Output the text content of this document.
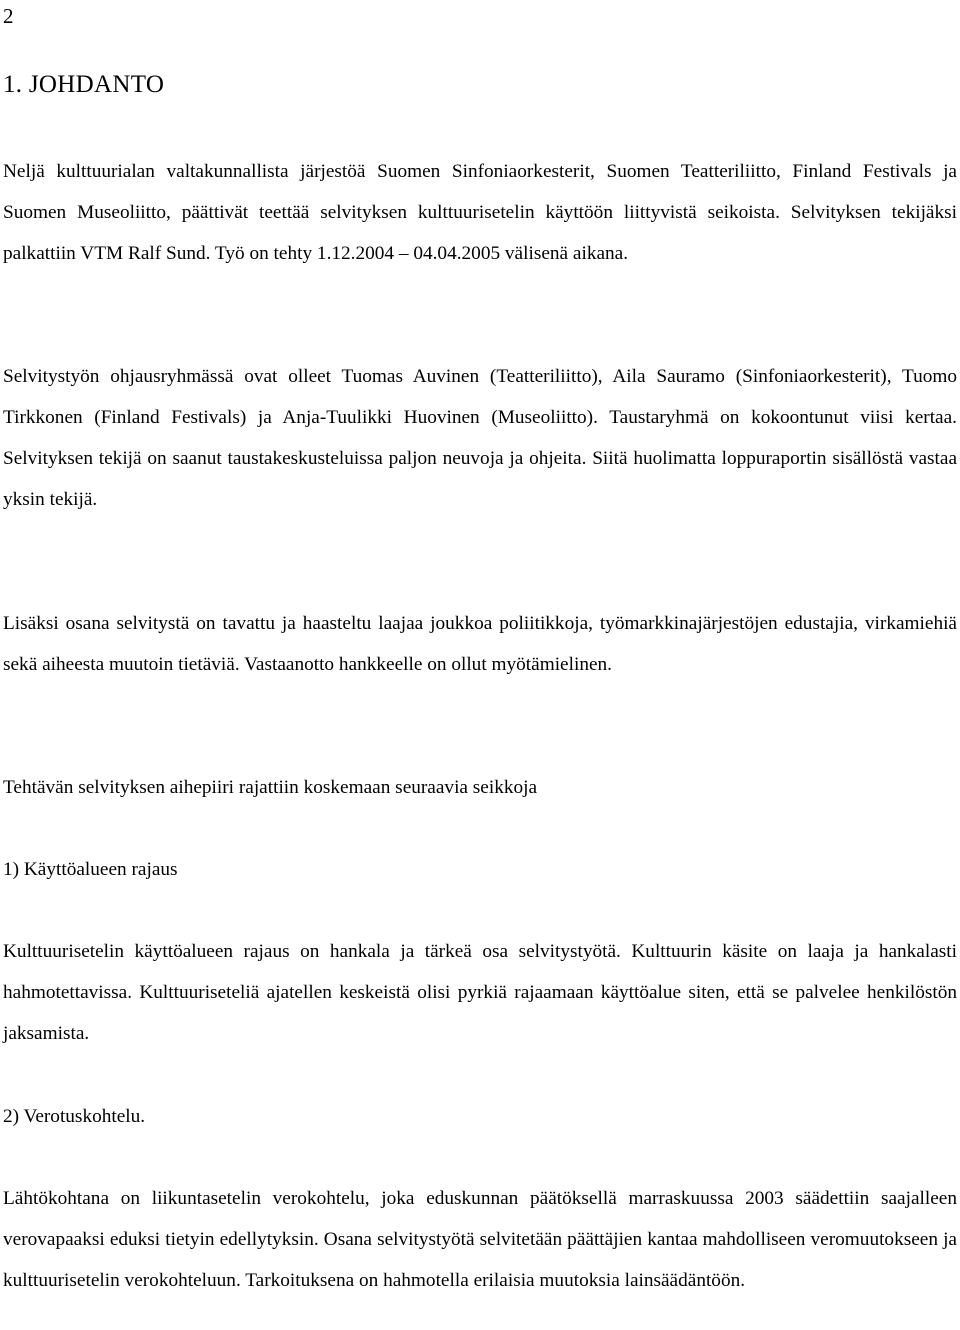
2
1. JOHDANTO

Neljä kulttuurialan valtakunnallista järjestöä Suomen Sinfoniaorkesterit, Suomen Teatteriliitto, Finland Festivals ja Suomen Museoliitto, päättivät teettää selvityksen kulttuurisetelin käyttöön liittyvistä seikoista. Selvityksen tekijäksi palkattiin VTM Ralf Sund. Työ on tehty 1.12.2004 – 04.04.2005 välisenä aikana.

Selvitystyön ohjausryhmässä ovat olleet Tuomas Auvinen (Teatteriliitto), Aila Sauramo (Sinfoniaorkesterit), Tuomo Tirkkonen (Finland Festivals) ja Anja-Tuulikki Huovinen (Museoliitto). Taustaryhmä on kokoontunut viisi kertaa. Selvityksen tekijä on saanut taustakeskusteluissa paljon neuvoja ja ohjeita. Siitä huolimatta loppuraportin sisällöstä vastaa yksin tekijä.

Lisäksi osana selvitystä on tavattu ja haasteltu laajaa joukkoa poliitikkoja, työmarkkinajärjestöjen edustajia, virkamiehiä sekä aiheesta muutoin tietäviä. Vastaanotto hankkeelle on ollut myötämielinen.

Tehtävän selvityksen aihepiiri rajattiin koskemaan seuraavia seikkoja

1) Käyttöalueen rajaus

Kulttuurisetelin käyttöalueen rajaus on hankala ja tärkeä osa selvitystyötä. Kulttuurin käsite on laaja ja hankalasti hahmotettavissa. Kulttuuriseteliä ajatellen keskeistä olisi pyrkiä rajaamaan käyttöalue siten, että se palvelee henkilöstön jaksamista.

2) Verotuskohtelu.

Lähtökohtana on liikuntasetelin verokohtelu, joka eduskunnan päätöksellä marraskuussa 2003 säädettiin saajalleen verovapaaksi eduksi tietyin edellytyksin. Osana selvitystyötä selvitetään päättäjien kantaa mahdolliseen veromuutokseen ja kulttuurisetelin verokohteluun. Tarkoituksena on hahmotella erilaisia muutoksia lainsäädäntöön.
